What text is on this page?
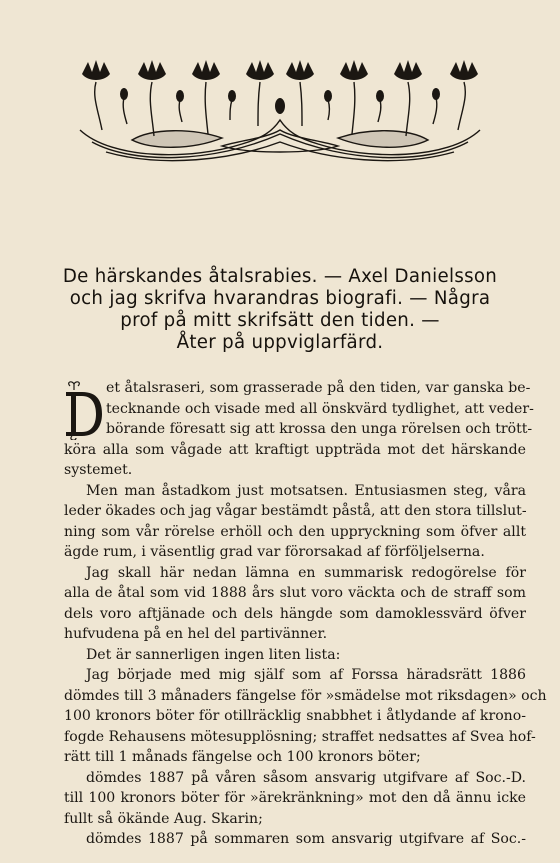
De härskandes åtalsrabies. — Axel Danielsson
och jag skrifva hvarandras biografi. — Några
prof på mitt skrifsätt den tiden. —
Åter på uppviglarfärd.
et åtalsraseri, som grasserade på den tiden, var ganska be-
tecknande och visade med all önskvärd tydlighet, att veder-
börande föresatt sig att krossa den unga rörelsen och trött-
köra alla som vågade att kraftigt uppträda mot det härskande
systemet.
Men man åstadkom just motsatsen. Entusiasmen steg, våra
leder ökades och jag vågar bestämdt påstå, att den stora tillslut-
ning som vår rörelse erhöll och den uppryckning som öfver allt
ägde rum, i väsentlig grad var förorsakad af förföljelserna.
Jag skall här nedan lämna en summarisk redogörelse för
alla de åtal som vid 1888 års slut voro väckta och de straff som
dels voro aftjänade och dels hängde som damoklessvärd öfver
hufvudena på en hel del partivänner.
Det är sannerligen ingen liten lista:
Jag började med mig själf som af Forssa häradsrätt 1886
dömdes till 3 månaders fängelse för »smädelse mot riksdagen» och
100 kronors böter för otillräcklig snabbhet i åtlydande af krono-
fogde Rehausens mötesupplösning; straffet nedsattes af Svea hof-
rätt till 1 månads fängelse och 100 kronors böter;
dömdes 1887 på våren såsom ansvarig utgifvare af Soc.-D.
till 100 kronors böter för »ärekränkning» mot den då ännu icke
fullt så ökände Aug. Skarin;
dömdes 1887 på sommaren som ansvarig utgifvare af Soc.-
